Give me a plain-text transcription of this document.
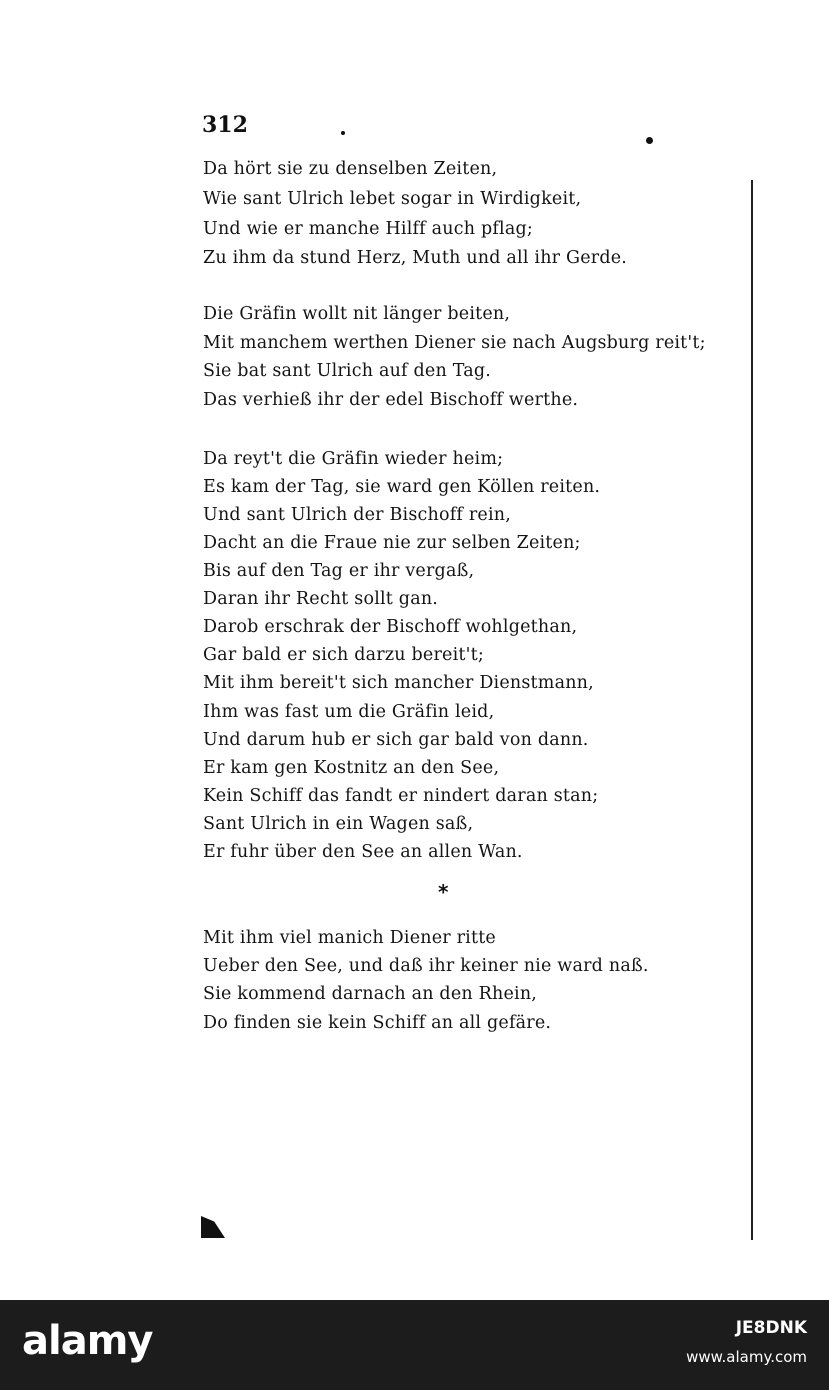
312
Da hört sie zu denselben Zeiten,
Wie sant Ulrich lebet sogar in Wirdigkeit,
Und wie er manche Hilff auch pflag;
Zu ihm da stund Herz, Muth und all ihr Gerde.
Die Gräfin wollt nit länger beiten,
Mit manchem werthen Diener sie nach Augsburg reit't;
Sie bat sant Ulrich auf den Tag.
Das verhieß ihr der edel Bischoff werthe.
Da reyt't die Gräfin wieder heim;
Es kam der Tag, sie ward gen Köllen reiten.
Und sant Ulrich der Bischoff rein,
Dacht an die Fraue nie zur selben Zeiten;
Bis auf den Tag er ihr vergaß,
Daran ihr Recht sollt gan.
Darob erschrak der Bischoff wohlgethan,
Gar bald er sich darzu bereit't;
Mit ihm bereit't sich mancher Dienstmann,
Ihm was fast um die Gräfin leid,
Und darum hub er sich gar bald von dann.
Er kam gen Kostnitz an den See,
Kein Schiff das fandt er nindert daran stan;
Sant Ulrich in ein Wagen saß,
Er fuhr über den See an allen Wan.
*
Mit ihm viel manich Diener ritte
Ueber den See, und daß ihr keiner nie ward naß.
Sie kommend darnach an den Rhein,
Do finden sie kein Schiff an all gefäre.
alamy	JE8DNK
www.alamy.com
